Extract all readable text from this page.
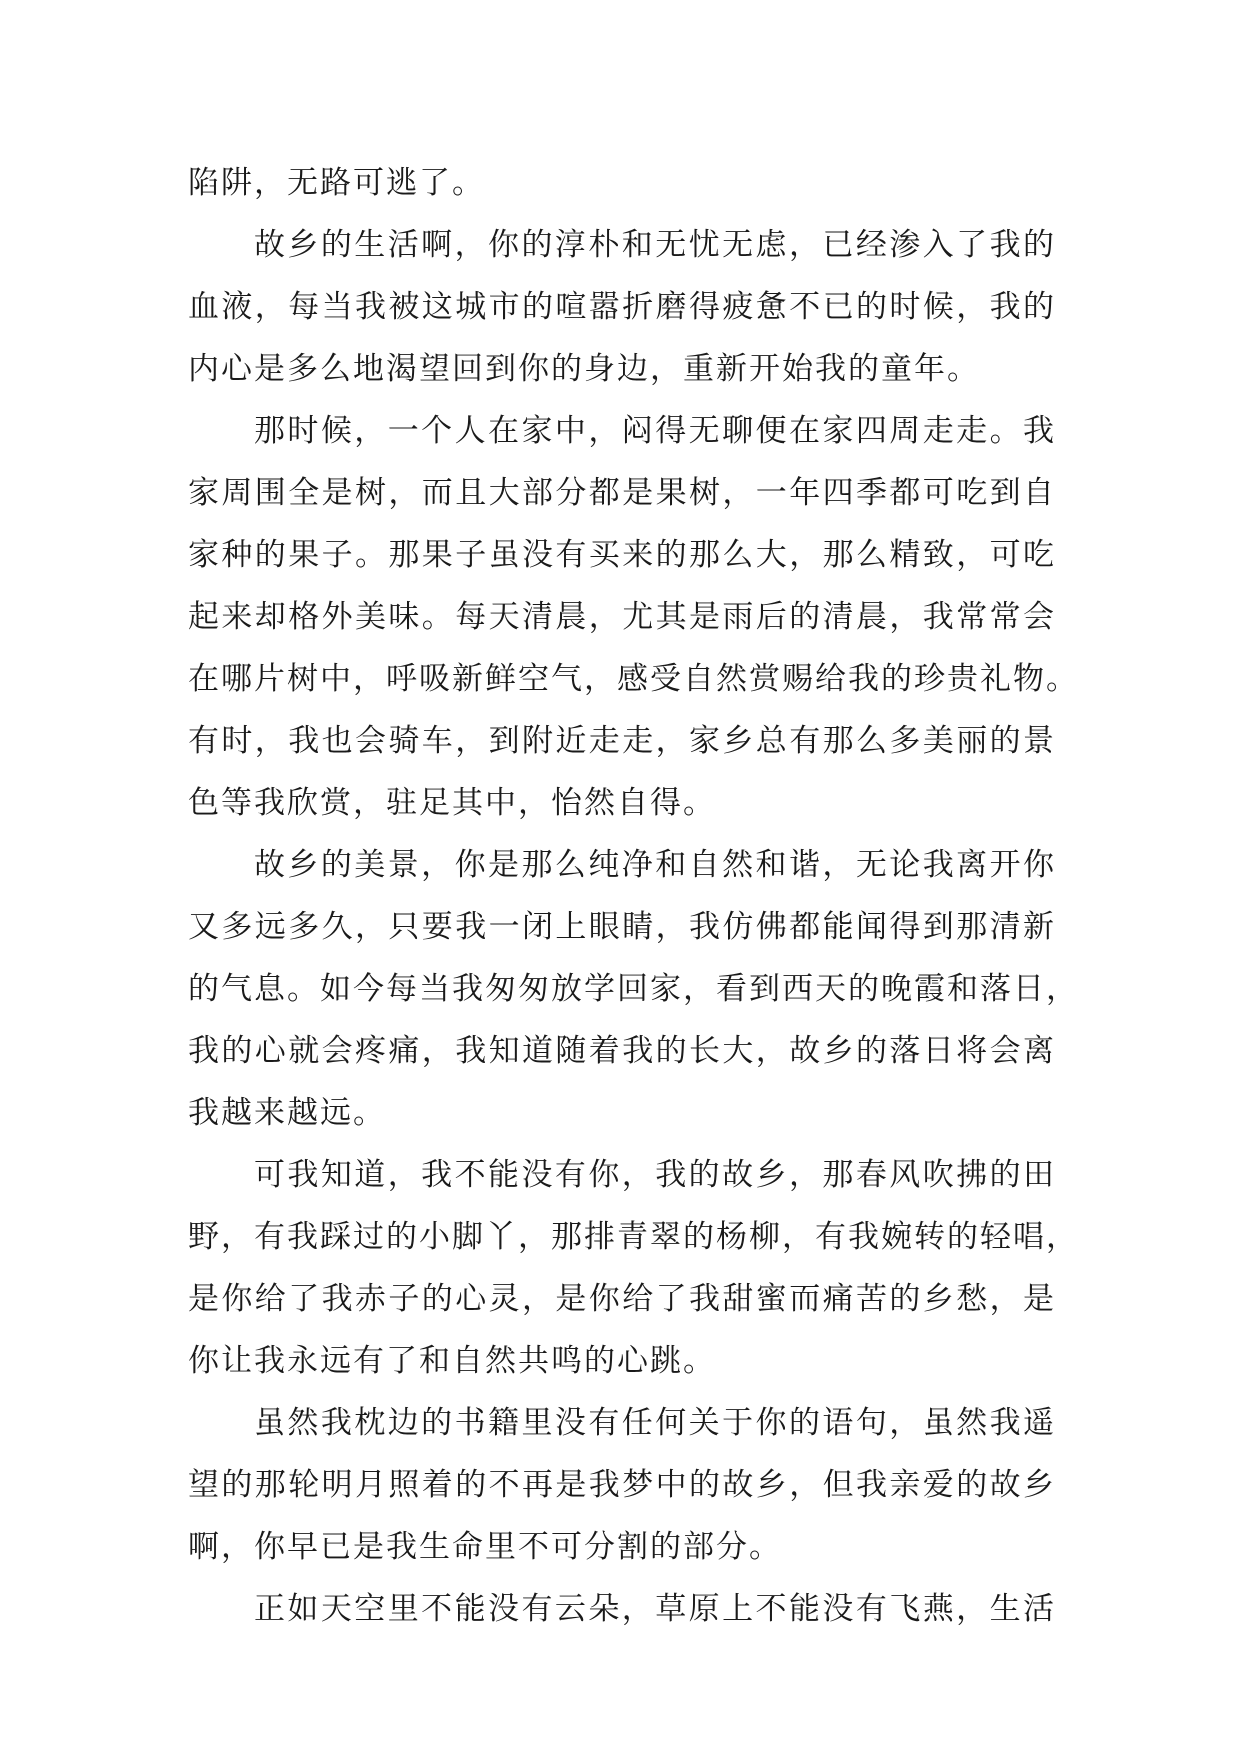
陷阱，无路可逃了。
故乡的生活啊，你的淳朴和无忧无虑，已经渗入了我的
血液，每当我被这城市的喧嚣折磨得疲惫不已的时候，我的
内心是多么地渴望回到你的身边，重新开始我的童年。
那时候，一个人在家中，闷得无聊便在家四周走走。我
家周围全是树，而且大部分都是果树，一年四季都可吃到自
家种的果子。那果子虽没有买来的那么大，那么精致，可吃
起来却格外美味。每天清晨，尤其是雨后的清晨，我常常会
在哪片树中，呼吸新鲜空气，感受自然赏赐给我的珍贵礼物。
有时，我也会骑车，到附近走走，家乡总有那么多美丽的景
色等我欣赏，驻足其中，怡然自得。
故乡的美景，你是那么纯净和自然和谐，无论我离开你
又多远多久，只要我一闭上眼睛，我仿佛都能闻得到那清新
的气息。如今每当我匆匆放学回家，看到西天的晚霞和落日，
我的心就会疼痛，我知道随着我的长大，故乡的落日将会离
我越来越远。
可我知道，我不能没有你，我的故乡，那春风吹拂的田
野，有我踩过的小脚丫，那排青翠的杨柳，有我婉转的轻唱，
是你给了我赤子的心灵，是你给了我甜蜜而痛苦的乡愁，是
你让我永远有了和自然共鸣的心跳。
虽然我枕边的书籍里没有任何关于你的语句，虽然我遥
望的那轮明月照着的不再是我梦中的故乡，但我亲爱的故乡
啊，你早已是我生命里不可分割的部分。
正如天空里不能没有云朵，草原上不能没有飞燕，生活
